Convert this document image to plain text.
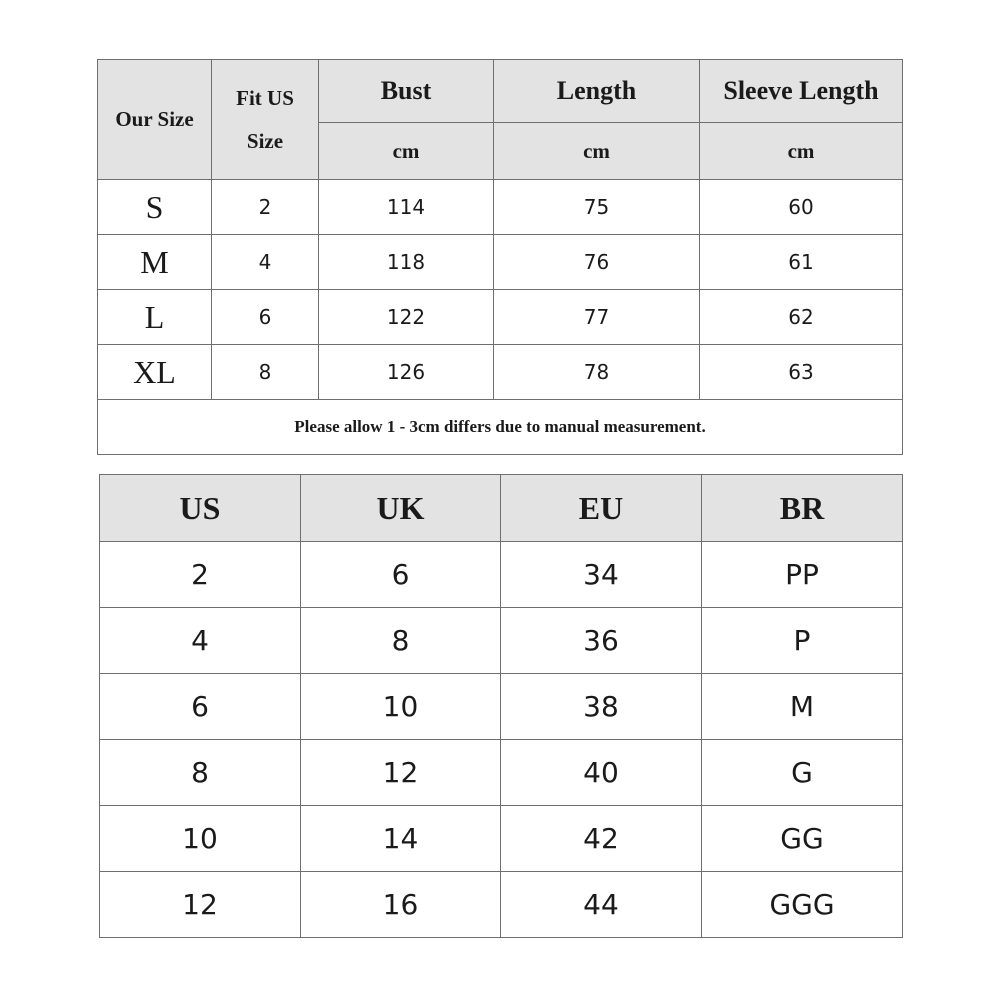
Our Size	Fit US Size	Bust	Length	Sleeve Length
		cm	cm	cm
S	2	114	75	60
M	4	118	76	61
L	6	122	77	62
XL	8	126	78	63
Please allow 1 - 3cm differs due to manual measurement.				
US	UK	EU	BR
2	6	34	PP
4	8	36	P
6	10	38	M
8	12	40	G
10	14	42	GG
12	16	44	GGG
